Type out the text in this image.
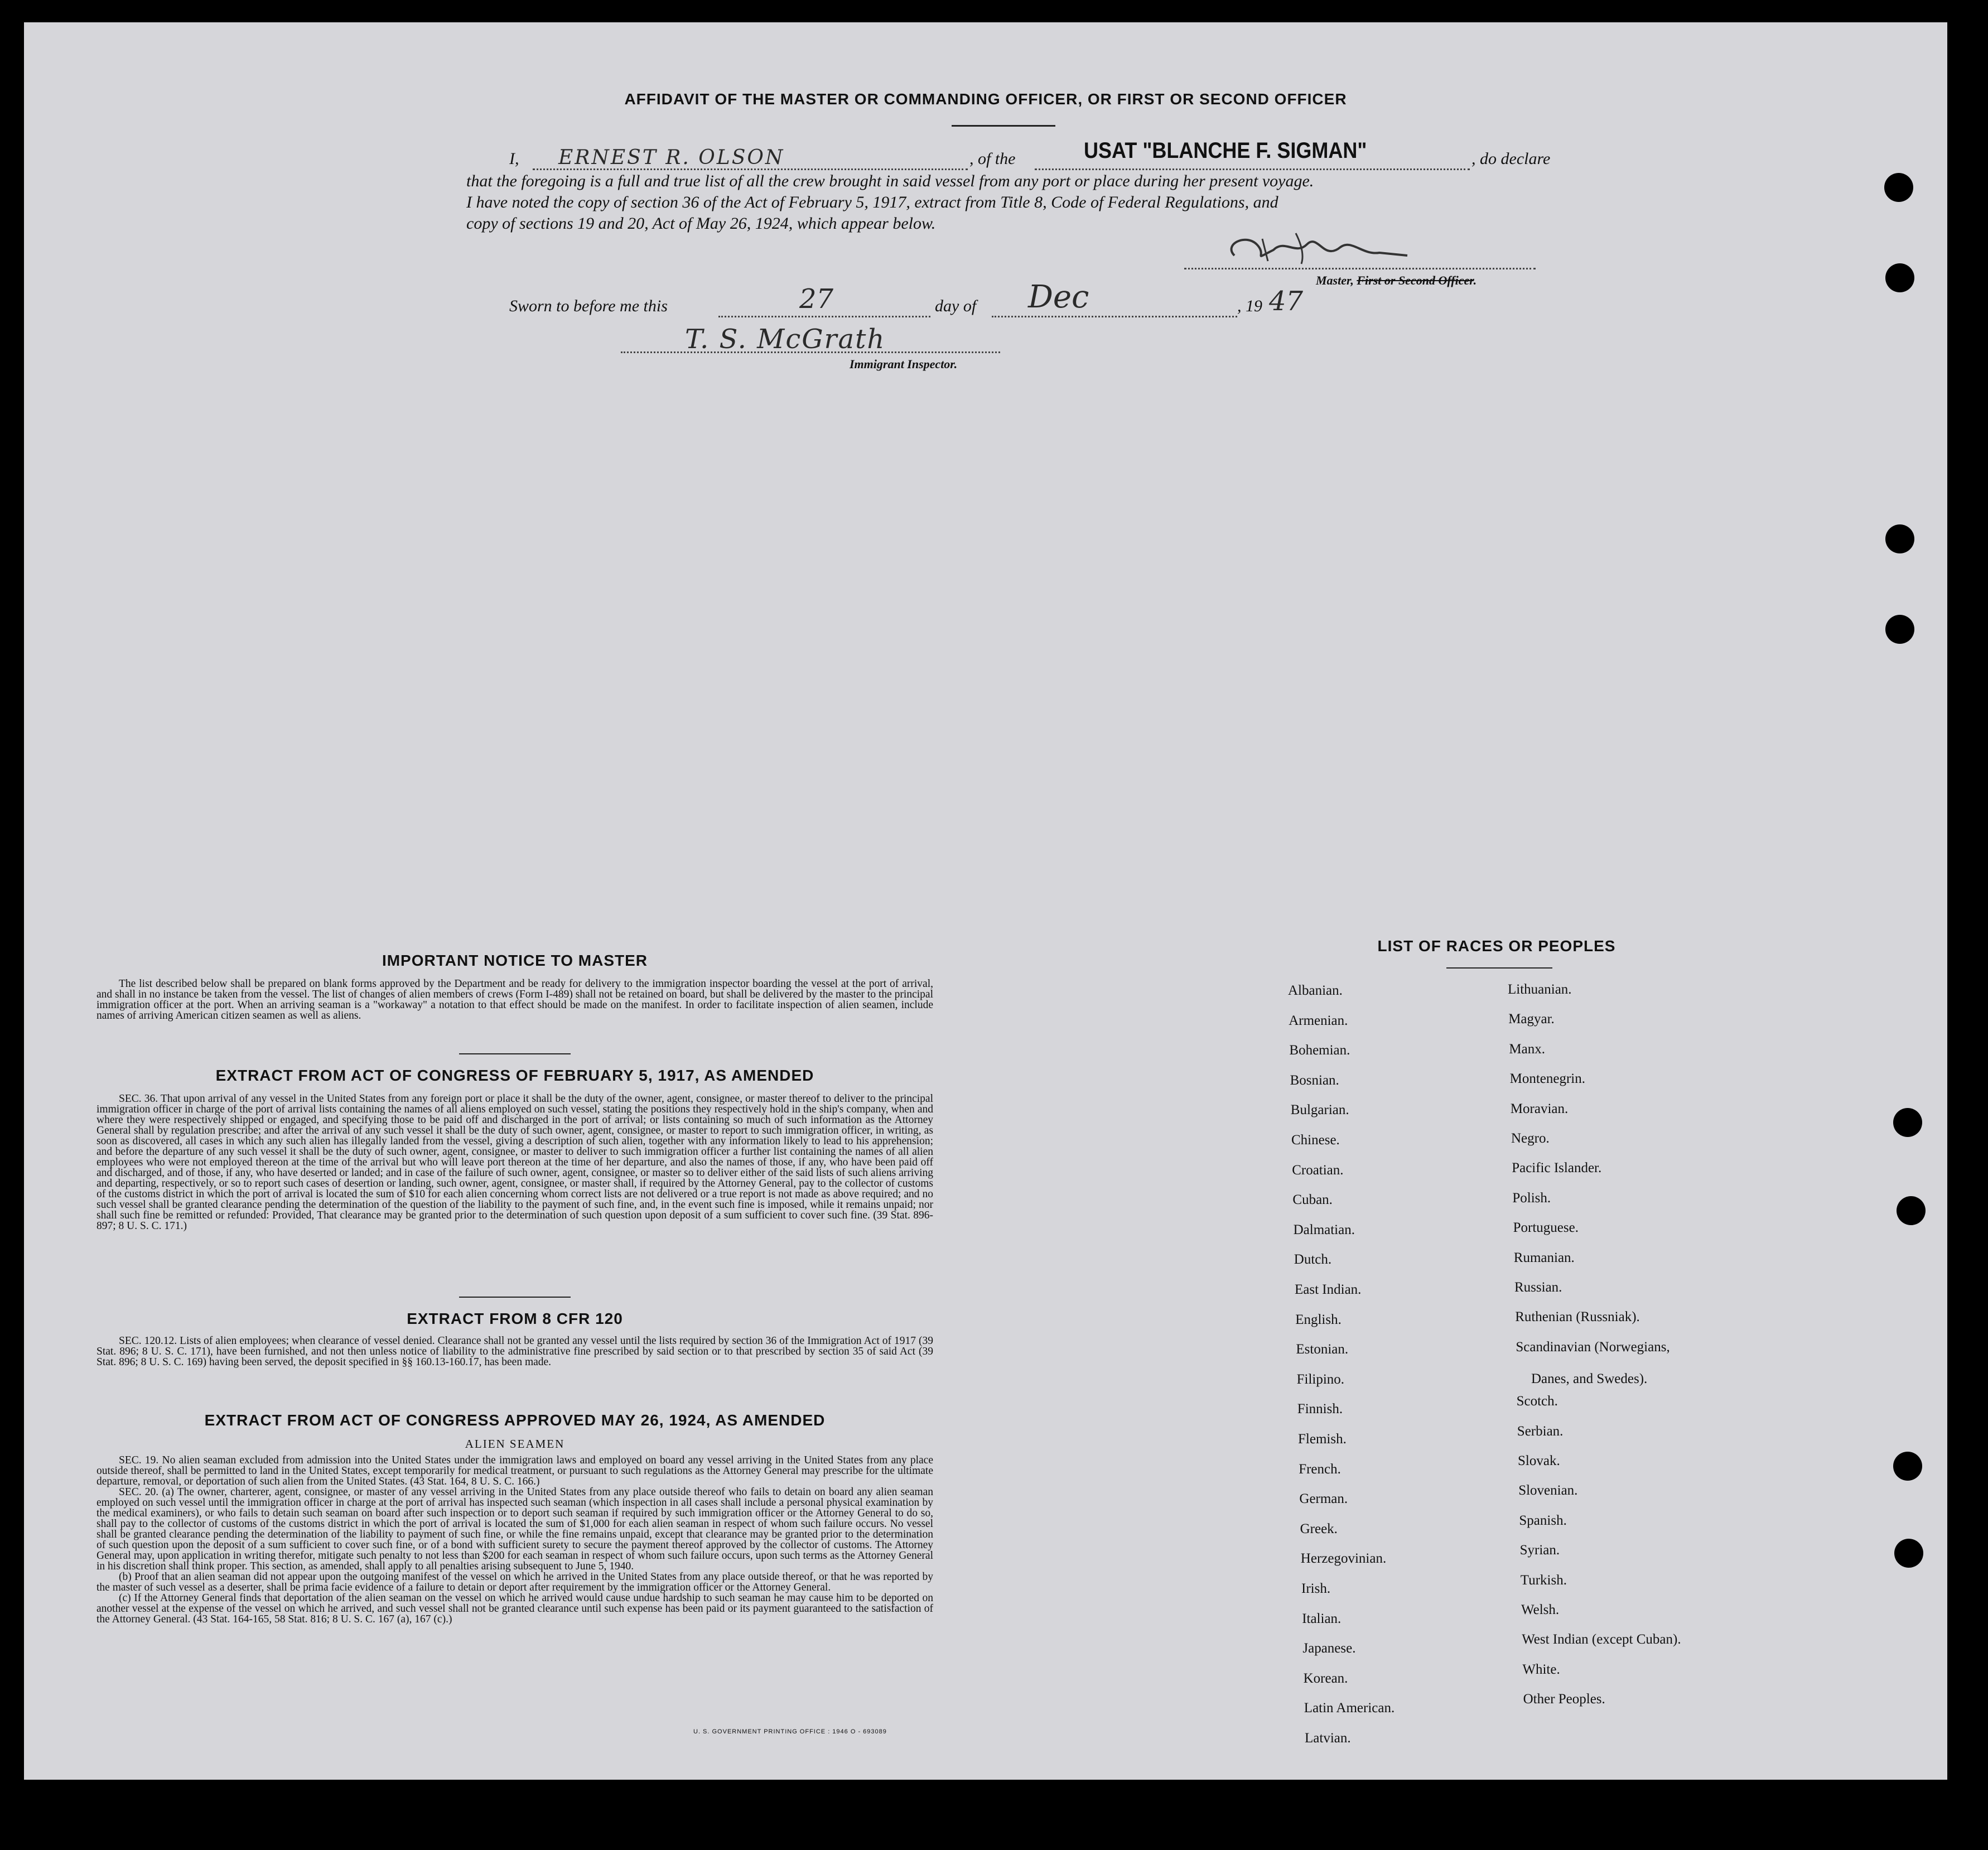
AFFIDAVIT OF THE MASTER OR COMMANDING OFFICER, OR FIRST OR SECOND OFFICER
I, ERNEST R. OLSON	, of the	USAT "BLANCHE F. SIGMAN"	, do declare
that the foregoing is a full and true list of all the crew brought in said vessel from any port or place during her present voyage.
I have noted the copy of section 36 of the Act of February 5, 1917, extract from Title 8, Code of Federal Regulations, and
copy of sections 19 and 20, Act of May 26, 1924, which appear below.
Master, First or Second Officer.
Sworn to before me this	27	day of Dec	, 19 47
T. S. McGrath
Immigrant Inspector.
IMPORTANT NOTICE TO MASTER

The list described below shall be prepared on blank forms approved by the Department and be ready for delivery to the immigration inspector boarding the vessel at the port of arrival, and shall in no instance be taken from the vessel. The list of changes of alien members of crews (Form I-489) shall not be retained on board, but shall be delivered by the master to the principal immigration officer at the port. When an arriving seaman is a "workaway" a notation to that effect should be made on the manifest. In order to facilitate inspection of alien seamen, include names of arriving American citizen seamen as well as aliens.

EXTRACT FROM ACT OF CONGRESS OF FEBRUARY 5, 1917, AS AMENDED

SEC. 36. That upon arrival of any vessel in the United States from any foreign port or place it shall be the duty of the owner, agent, consignee, or master thereof to deliver to the principal immigration officer in charge of the port of arrival lists containing the names of all aliens employed on such vessel, stating the positions they respectively hold in the ship's company, when and where they were respectively shipped or engaged, and specifying those to be paid off and discharged in the port of arrival; or lists containing so much of such information as the Attorney General shall by regulation prescribe; and after the arrival of any such vessel it shall be the duty of such owner, agent, consignee, or master to report to such immigration officer, in writing, as soon as discovered, all cases in which any such alien has illegally landed from the vessel, giving a description of such alien, together with any information likely to lead to his apprehension; and before the departure of any such vessel it shall be the duty of such owner, agent, consignee, or master to deliver to such immigration officer a further list containing the names of all alien employees who were not employed thereon at the time of the arrival but who will leave port thereon at the time of her departure, and also the names of those, if any, who have been paid off and discharged, and of those, if any, who have deserted or landed; and in case of the failure of such owner, agent, consignee, or master so to deliver either of the said lists of such aliens arriving and departing, respectively, or so to report such cases of desertion or landing, such owner, agent, consignee, or master shall, if required by the Attorney General, pay to the collector of customs of the customs district in which the port of arrival is located the sum of $10 for each alien concerning whom correct lists are not delivered or a true report is not made as above required; and no such vessel shall be granted clearance pending the determination of the question of the liability to the payment of such fine, and, in the event such fine is imposed, while it remains unpaid; nor shall such fine be remitted or refunded: Provided, That clearance may be granted prior to the determination of such question upon deposit of a sum sufficient to cover such fine. (39 Stat. 896-897; 8 U. S. C. 171.)

EXTRACT FROM 8 CFR 120

SEC. 120.12. Lists of alien employees; when clearance of vessel denied. Clearance shall not be granted any vessel until the lists required by section 36 of the Immigration Act of 1917 (39 Stat. 896; 8 U. S. C. 171), have been furnished, and not then unless notice of liability to the administrative fine prescribed by said section or to that prescribed by section 35 of said Act (39 Stat. 896; 8 U. S. C. 169) having been served, the deposit specified in §§ 160.13-160.17, has been made.

EXTRACT FROM ACT OF CONGRESS APPROVED MAY 26, 1924, AS AMENDED
ALIEN SEAMEN

SEC. 19. No alien seaman excluded from admission into the United States under the immigration laws and employed on board any vessel arriving in the United States from any place outside thereof, shall be permitted to land in the United States, except temporarily for medical treatment, or pursuant to such regulations as the Attorney General may prescribe for the ultimate departure, removal, or deportation of such alien from the United States. (43 Stat. 164, 8 U. S. C. 166.)

SEC. 20. (a) The owner, charterer, agent, consignee, or master of any vessel arriving in the United States from any place outside thereof who fails to detain on board any alien seaman employed on such vessel until the immigration officer in charge at the port of arrival has inspected such seaman (which inspection in all cases shall include a personal physical examination by the medical examiners), or who fails to detain such seaman on board after such inspection or to deport such seaman if required by such immigration officer or the Attorney General to do so, shall pay to the collector of customs of the customs district in which the port of arrival is located the sum of $1,000 for each alien seaman in respect of whom such failure occurs. No vessel shall be granted clearance pending the determination of the liability to payment of such fine, or while the fine remains unpaid, except that clearance may be granted prior to the determination of such question upon the deposit of a sum sufficient to cover such fine, or of a bond with sufficient surety to secure the payment thereof approved by the collector of customs. The Attorney General may, upon application in writing therefor, mitigate such penalty to not less than $200 for each seaman in respect of whom such failure occurs, upon such terms as the Attorney General in his discretion shall think proper. This section, as amended, shall apply to all penalties arising subsequent to June 5, 1940.

(b) Proof that an alien seaman did not appear upon the outgoing manifest of the vessel on which he arrived in the United States from any place outside thereof, or that he was reported by the master of such vessel as a deserter, shall be prima facie evidence of a failure to detain or deport after requirement by the immigration officer or the Attorney General.

(c) If the Attorney General finds that deportation of the alien seaman on the vessel on which he arrived would cause undue hardship to such seaman he may cause him to be deported on another vessel at the expense of the vessel on which he arrived, and such vessel shall not be granted clearance until such expense has been paid or its payment guaranteed to the satisfaction of the Attorney General. (43 Stat. 164-165, 58 Stat. 816; 8 U. S. C. 167 (a), 167 (c).)

U. S. GOVERNMENT PRINTING OFFICE : 1946 O - 693089
LIST OF RACES OR PEOPLES
Albanian.
Armenian.
Bohemian.
Bosnian.
Bulgarian.
Chinese.
Croatian.
Cuban.
Dalmatian.
Dutch.
East Indian.
English.
Estonian.
Filipino.
Finnish.
Flemish.
French.
German.
Greek.
Herzegovinian.
Irish.
Italian.
Japanese.
Korean.
Latin American.
Latvian.
Lithuanian.
Magyar.
Manx.
Montenegrin.
Moravian.
Negro.
Pacific Islander.
Polish.
Portuguese.
Rumanian.
Russian.
Ruthenian (Russniak).
Scandinavian (Norwegians,
Scotch.
Serbian.
Slovak.
Slovenian.
Spanish.
Syrian.
Turkish.
Welsh.
West Indian (except Cuban).
White.
Other Peoples.
Danes, and Swedes).
